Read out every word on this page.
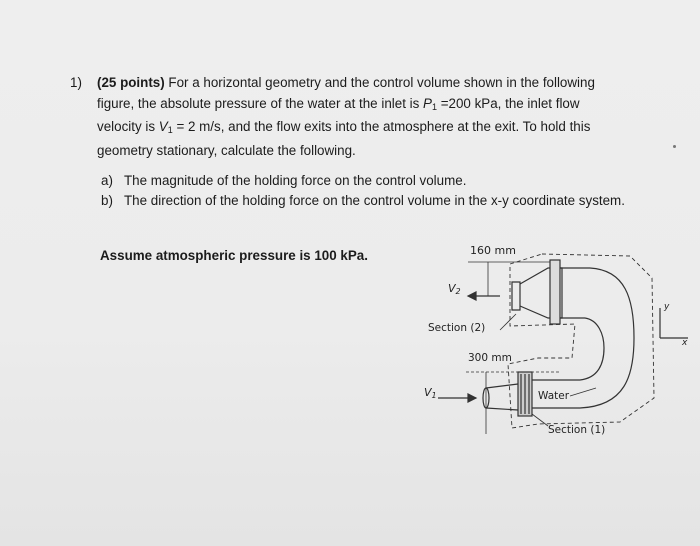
1) (25 points) For a horizontal geometry and the control volume shown in the following
figure, the absolute pressure of the water at the inlet is $P_1 =200$ kPa, the inlet flow
velocity is $V_1 = 2$ m/s, and the flow exits into the atmosphere at the exit. To hold this
geometry stationary, calculate the following.
a) The magnitude of the holding force on the control volume.
b) The direction of the holding force on the control volume in the x-y coordinate system.
Assume atmospheric pressure is 100 kPa.	160 mm
300 mm
V2
V1
Section (2)
Section (1)
Water
y
x
